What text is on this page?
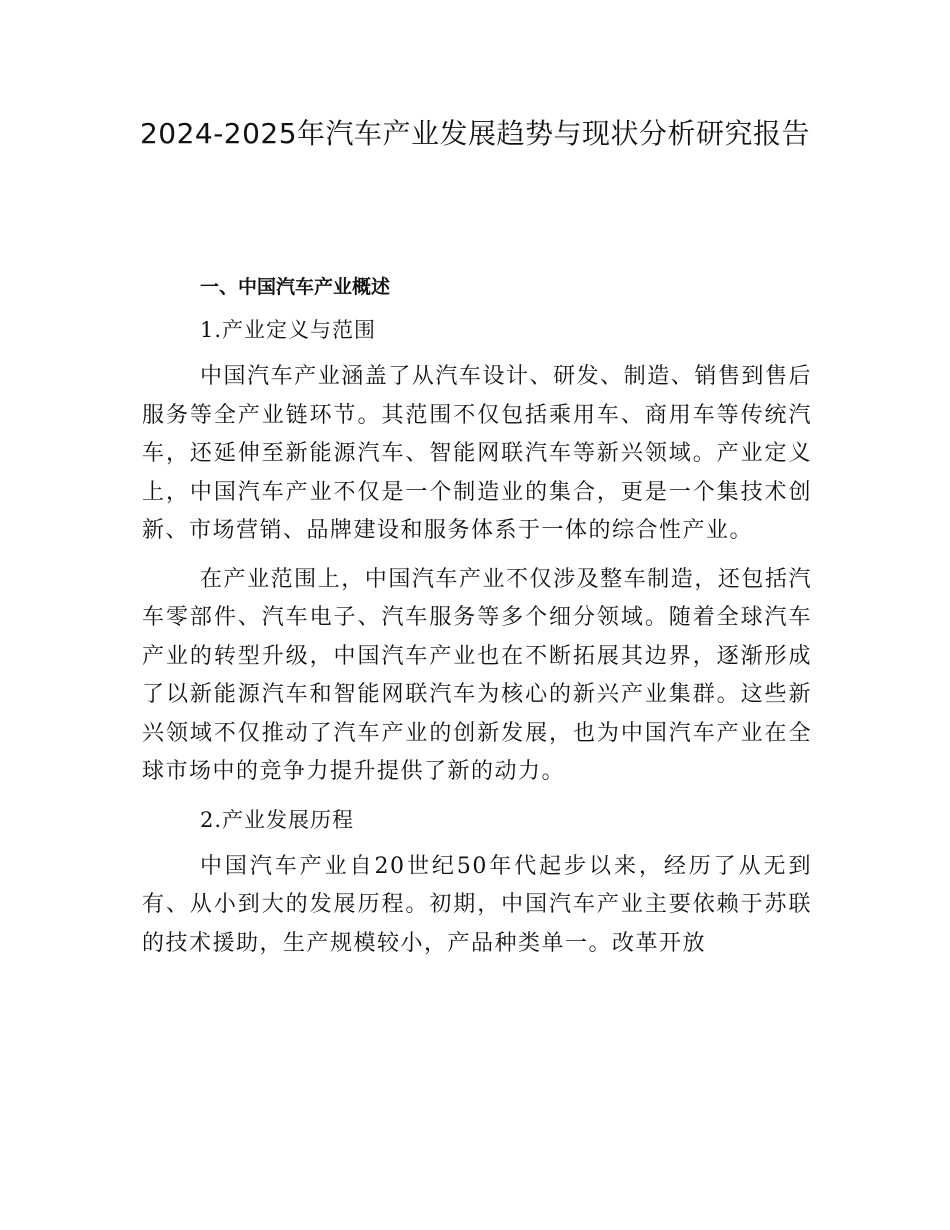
2024-2025年汽车产业发展趋势与现状分析研究报告
一、中国汽车产业概述
1.产业定义与范围

中国汽车产业涵盖了从汽车设计、研发、制造、销售到售后服务等全产业链环节。其范围不仅包括乘用车、商用车等传统汽车，还延伸至新能源汽车、智能网联汽车等新兴领域。产业定义上，中国汽车产业不仅是一个制造业的集合，更是一个集技术创新、市场营销、品牌建设和服务体系于一体的综合性产业。

在产业范围上，中国汽车产业不仅涉及整车制造，还包括汽车零部件、汽车电子、汽车服务等多个细分领域。随着全球汽车产业的转型升级，中国汽车产业也在不断拓展其边界，逐渐形成了以新能源汽车和智能网联汽车为核心的新兴产业集群。这些新兴领域不仅推动了汽车产业的创新发展，也为中国汽车产业在全球市场中的竞争力提升提供了新的动力。

2.产业发展历程

中国汽车产业自20世纪50年代起步以来，经历了从无到有、从小到大的发展历程。初期，中国汽车产业主要依赖于苏联的技术援助，生产规模较小，产品种类单一。改革开放
